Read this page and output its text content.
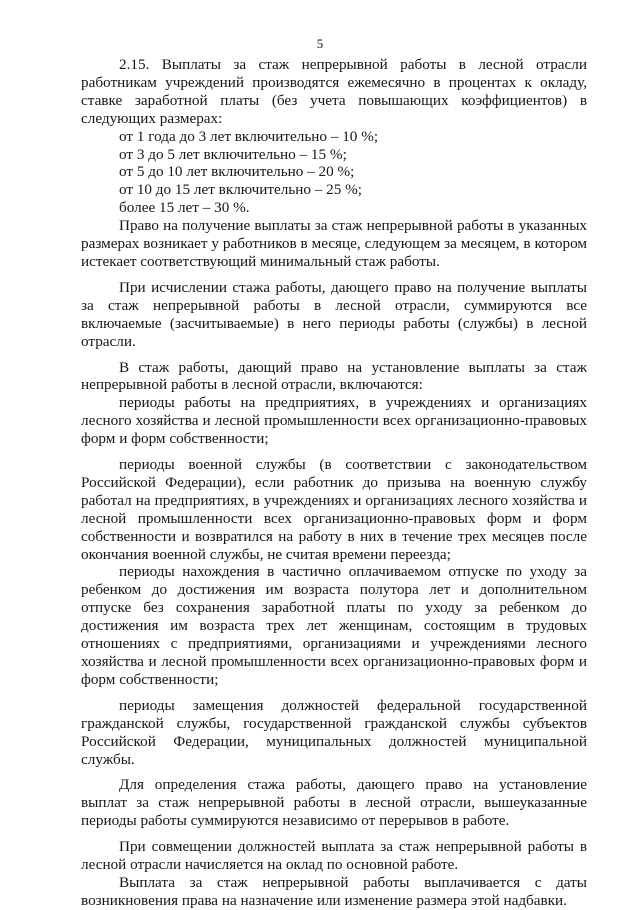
5

2.15. Выплаты за стаж непрерывной работы в лесной отрасли работникам учреждений производятся ежемесячно в процентах к окладу, ставке заработной платы (без учета повышающих коэффициентов) в следующих размерах:

от 1 года до 3 лет включительно – 10 %;

от 3 до 5 лет включительно – 15 %;

от 5 до 10 лет включительно – 20 %;

от 10 до 15 лет включительно – 25 %;

более 15 лет – 30 %.

Право на получение выплаты за стаж непрерывной работы в указанных размерах возникает у работников в месяце, следующем за месяцем, в котором истекает соответствующий минимальный стаж работы.

При исчислении стажа работы, дающего право на получение выплаты за стаж непрерывной работы в лесной отрасли, суммируются все включаемые (засчитываемые) в него периоды работы (службы) в лесной отрасли.

В стаж работы, дающий право на установление выплаты за стаж непрерывной работы в лесной отрасли, включаются:

периоды работы на предприятиях, в учреждениях и организациях лесного хозяйства и лесной промышленности всех организационно-правовых форм и форм собственности;

периоды военной службы (в соответствии с законодательством Российской Федерации), если работник до призыва на военную службу работал на предприятиях, в учреждениях и организациях лесного хозяйства и лесной промышленности всех организационно-правовых форм и форм собственности и возвратился на работу в них в течение трех месяцев после окончания военной службы, не считая времени переезда;

периоды нахождения в частично оплачиваемом отпуске по уходу за ребенком до достижения им возраста полутора лет и дополнительном отпуске без сохранения заработной платы по уходу за ребенком до достижения им возраста трех лет женщинам, состоящим в трудовых отношениях с предприятиями, организациями и учреждениями лесного хозяйства и лесной промышленности всех организационно-правовых форм и форм собственности;

периоды замещения должностей федеральной государственной гражданской службы, государственной гражданской службы субъектов Российской Федерации, муниципальных должностей муниципальной службы.

Для определения стажа работы, дающего право на установление выплат за стаж непрерывной работы в лесной отрасли, вышеуказанные периоды работы суммируются независимо от перерывов в работе.

При совмещении должностей выплата за стаж непрерывной работы в лесной отрасли начисляется на оклад по основной работе.

Выплата за стаж непрерывной работы выплачивается с даты возникновения права на назначение или изменение размера этой надбавки.
